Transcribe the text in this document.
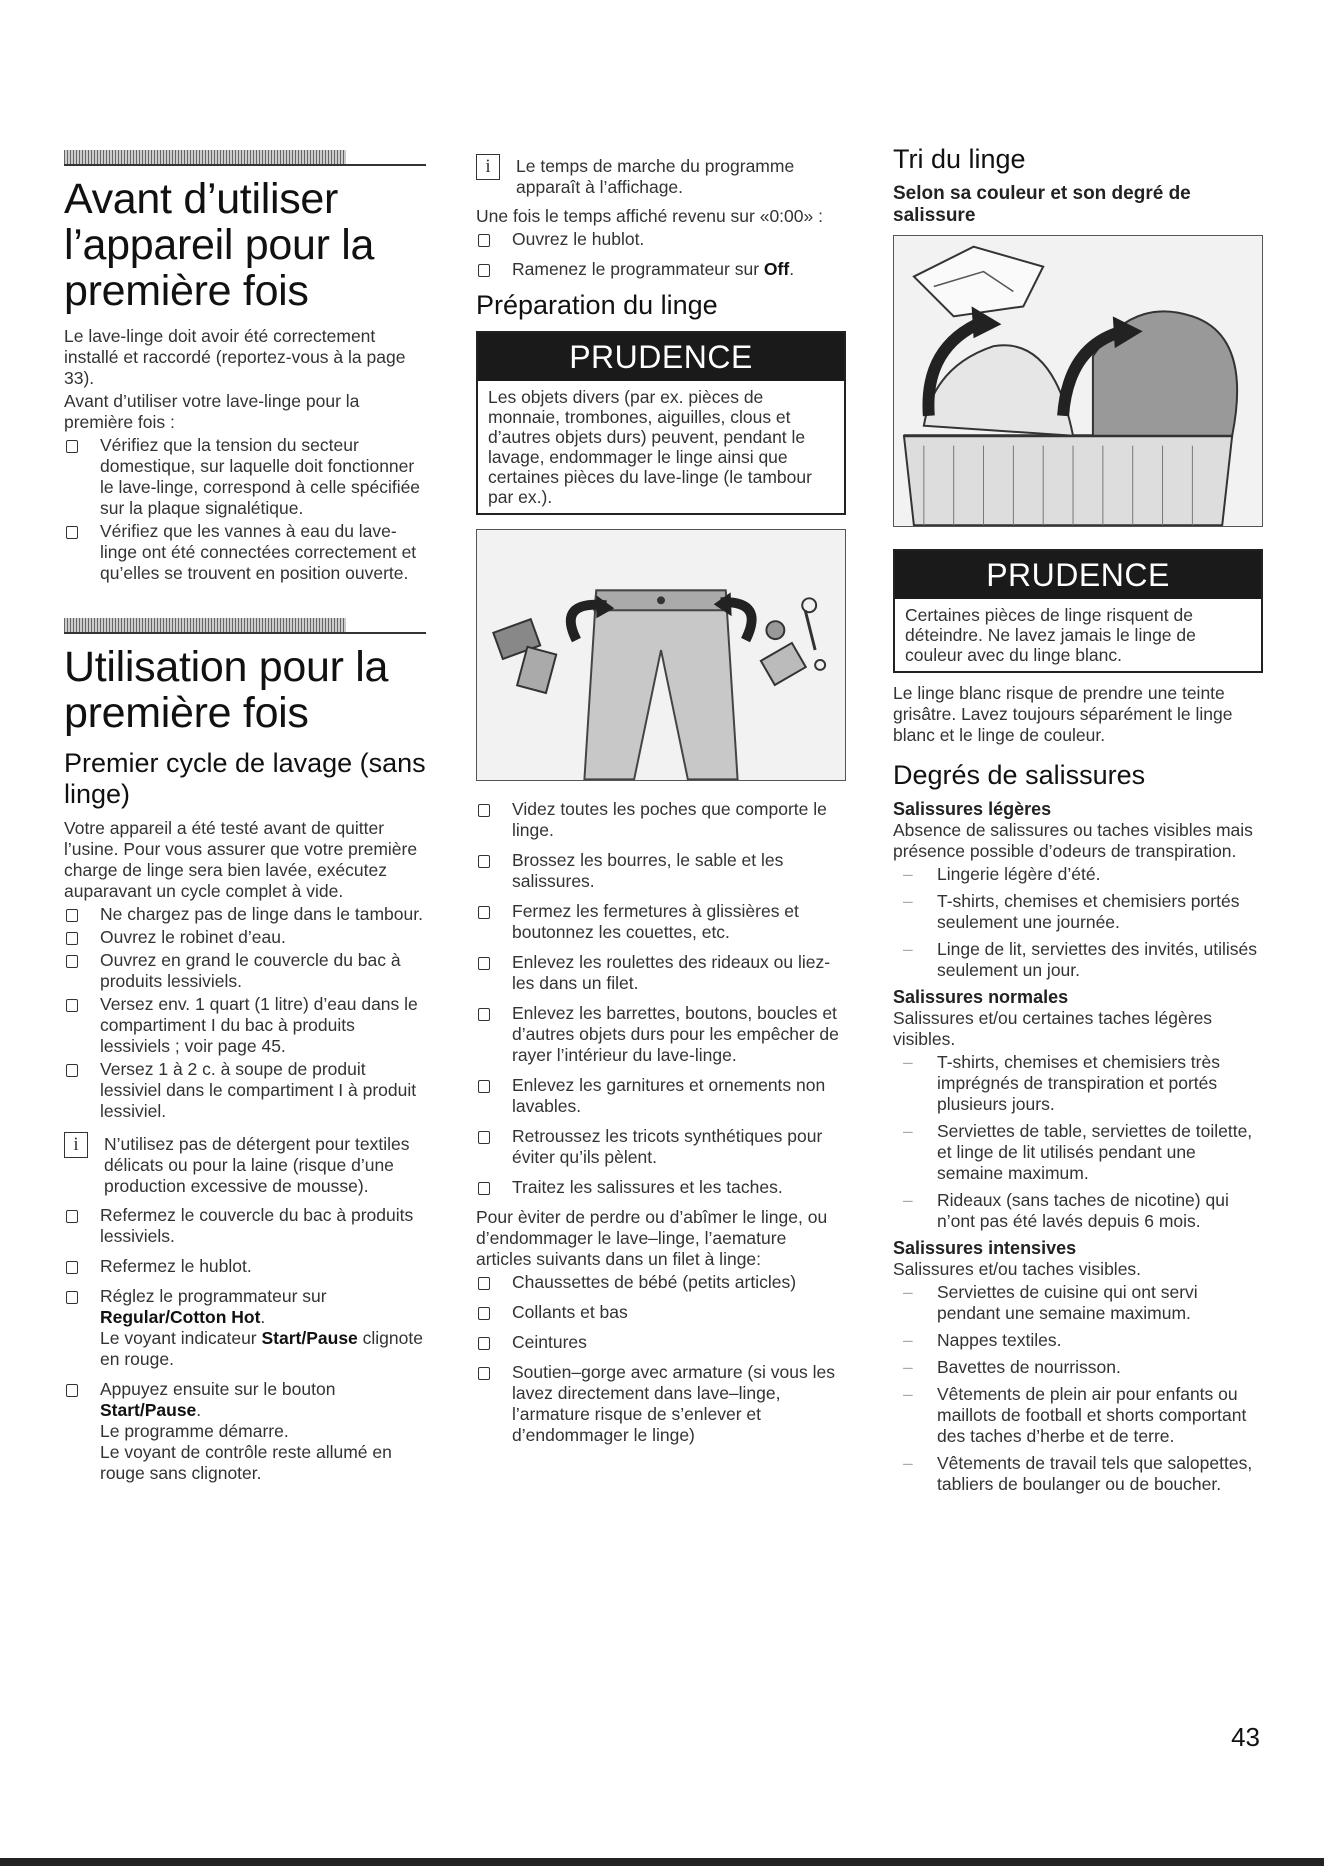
Avant d’utiliser l’appareil pour la première fois

Le lave-linge doit avoir été correctement installé et raccordé (reportez-vous à la page 33).

Avant d’utiliser votre lave-linge pour la première fois :

Vérifiez que la tension du secteur domestique, sur laquelle doit fonctionner le lave-linge, correspond à celle spécifiée sur la plaque signalétique.
Vérifiez que les vannes à eau du lave-linge ont été connectées correctement et qu’elles se trouvent en position ouverte.
Utilisation pour la première fois
Premier cycle de lavage (sans linge)

Votre appareil a été testé avant de quitter l’usine. Pour vous assurer que votre première charge de linge sera bien lavée, exécutez auparavant un cycle complet à vide.

Ne chargez pas de linge dans le tambour.
Ouvrez le robinet d’eau.
Ouvrez en grand le couvercle du bac à produits lessiviels.
Versez env. 1 quart (1 litre) d’eau dans le compartiment I du bac à produits lessiviels ; voir page 45.
Versez 1 à 2 c. à soupe de produit lessiviel dans le compartiment I à produit lessiviel.
i	N’utilisez pas de détergent pour textiles délicats ou pour la laine (risque d’une production excessive de mousse).
Refermez le couvercle du bac à produits lessiviels.
Refermez le hublot.
Réglez le programmateur sur Regular/Cotton Hot.
Le voyant indicateur Start/Pause clignote en rouge.
Appuyez ensuite sur le bouton Start/Pause.
Le programme démarre.
Le voyant de contrôle reste allumé en rouge sans clignoter.
i	Le temps de marche du programme apparaît à l’affichage.

Une fois le temps affiché revenu sur «0:00» :

Ouvrez le hublot.
Ramenez le programmateur sur Off.
Préparation du linge
PRUDENCE
Les objets divers (par ex. pièces de monnaie, trombones, aiguilles, clous et d’autres objets durs) peuvent, pendant le lavage, endommager le linge ainsi que certaines pièces du lave-linge (le tambour par ex.).
Videz toutes les poches que comporte le linge.
Brossez les bourres, le sable et les salissures.
Fermez les fermetures à glissières et boutonnez les couettes, etc.
Enlevez les roulettes des rideaux ou liez-les dans un filet.
Enlevez les barrettes, boutons, boucles et d’autres objets durs pour les empêcher de rayer l’intérieur du lave-linge.
Enlevez les garnitures et ornements non lavables.
Retroussez les tricots synthétiques pour éviter qu’ils pèlent.
Traitez les salissures et les taches.

Pour èviter de perdre ou d’abîmer le linge, ou d’endommager le lave–linge, l’aemature articles suivants dans un filet à linge:

Chaussettes de bébé (petits articles)
Collants et bas
Ceintures
Soutien–gorge avec armature (si vous les lavez directement dans lave–linge, l’armature risque de s’enlever et d’endommager le linge)
Tri du linge
Selon sa couleur et son degré de salissure
PRUDENCE
Certaines pièces de linge risquent de déteindre. Ne lavez jamais le linge de couleur avec du linge blanc.

Le linge blanc risque de prendre une teinte grisâtre. Lavez toujours séparément le linge blanc et le linge de couleur.

Degrés de salissures
Salissures légères

Absence de salissures ou taches visibles mais présence possible d’odeurs de transpiration.

– Lingerie légère d’été.
– T-shirts, chemises et chemisiers portés seulement une journée.
– Linge de lit, serviettes des invités, utilisés seulement un jour.
Salissures normales

Salissures et/ou certaines taches légères visibles.

– T-shirts, chemises et chemisiers très imprégnés de transpiration et portés plusieurs jours.
– Serviettes de table, serviettes de toilette, et linge de lit utilisés pendant une semaine maximum.
– Rideaux (sans taches de nicotine) qui n’ont pas été lavés depuis 6 mois.
Salissures intensives

Salissures et/ou taches visibles.

– Serviettes de cuisine qui ont servi pendant une semaine maximum.
– Nappes textiles.
– Bavettes de nourrisson.
– Vêtements de plein air pour enfants ou maillots de football et shorts comportant des taches d’herbe et de terre.
– Vêtements de travail tels que salopettes, tabliers de boulanger ou de boucher.
43
